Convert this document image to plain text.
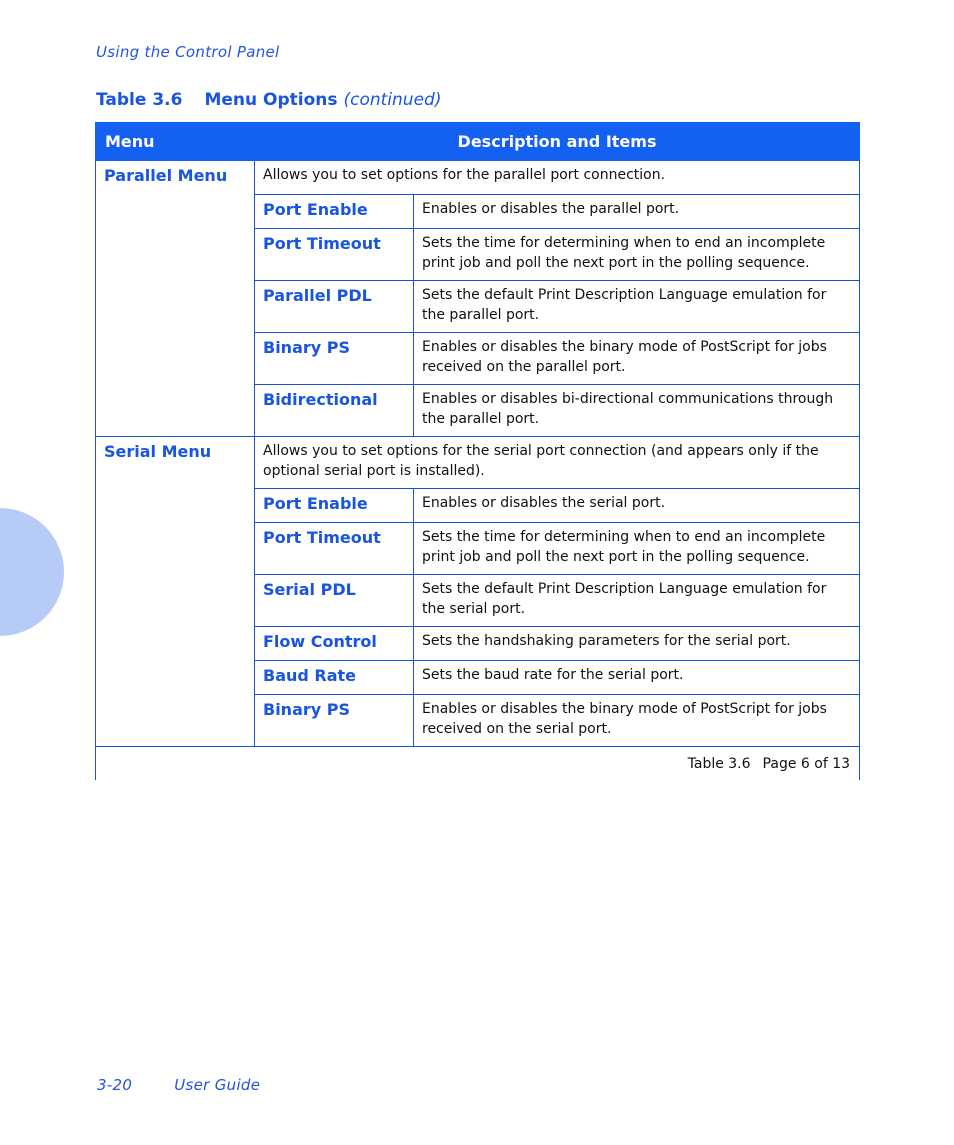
Using the Control Panel
Table 3.6 Menu Options (continued)
Menu	Description and Items	
Parallel Menu	Allows you to set options for the parallel port connection.	
	Port Enable	Enables or disables the parallel port.
	Port Timeout	Sets the time for determining when to end an incomplete print job and poll the next port in the polling sequence.
	Parallel PDL	Sets the default Print Description Language emulation for the parallel port.
	Binary PS	Enables or disables the binary mode of PostScript for jobs received on the parallel port.
	Bidirectional	Enables or disables bi-directional communications through the parallel port.
Serial Menu	Allows you to set options for the serial port connection (and appears only if the optional serial port is installed).	
	Port Enable	Enables or disables the serial port.
	Port Timeout	Sets the time for determining when to end an incomplete print job and poll the next port in the polling sequence.
	Serial PDL	Sets the default Print Description Language emulation for the serial port.
	Flow Control	Sets the handshaking parameters for the serial port.
	Baud Rate	Sets the baud rate for the serial port.
	Binary PS	Enables or disables the binary mode of PostScript for jobs received on the serial port.
Table 3.6 Page 6 of 13		
3-20	User Guide
